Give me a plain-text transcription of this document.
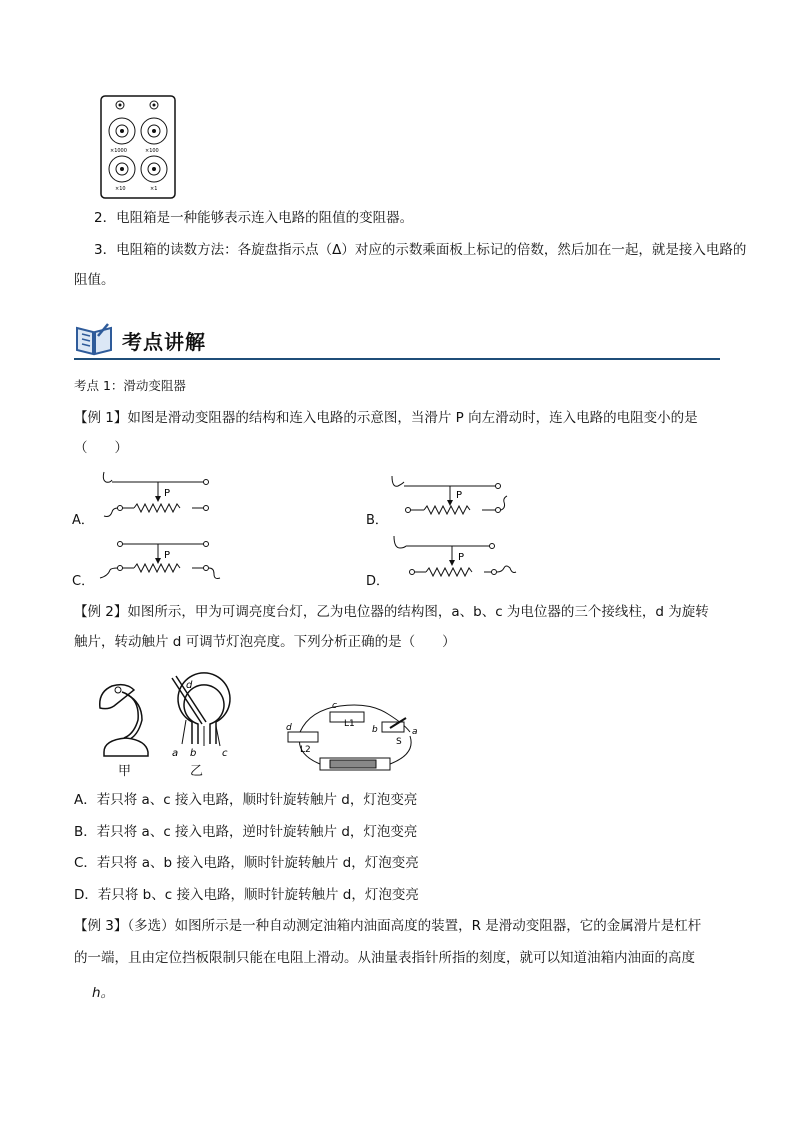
×1000	×100
×10	×1
2．电阻箱是一种能够表示连入电路的阻值的变阻器。
3．电阻箱的读数方法：各旋盘指示点（Δ）对应的示数乘面板上标记的倍数，然后加在一起，就是接入电路的
阻值。
考点讲解
考点 1：滑动变阻器
【例 1】如图是滑动变阻器的结构和连入电路的示意图，当滑片 P 向左滑动时，连入电路的电阻变小的是
（　　）
A．
P
B．
P
C．
P
D．
P
【例 2】如图所示，甲为可调亮度台灯，乙为电位器的结构图，a、b、c 为电位器的三个接线柱，d 为旋转
触片，转动触片 d 可调节灯泡亮度。下列分析正确的是（　　）
甲
d
a b	c
乙
d
c
b	a
L1
L2
S
A．若只将 a、c 接入电路，顺时针旋转触片 d，灯泡变亮
B．若只将 a、c 接入电路，逆时针旋转触片 d，灯泡变亮
C．若只将 a、b 接入电路，顺时针旋转触片 d，灯泡变亮
D．若只将 b、c 接入电路，顺时针旋转触片 d，灯泡变亮
【例 3】（多选）如图所示是一种自动测定油箱内油面高度的装置，R 是滑动变阻器，它的金属滑片是杠杆
的一端，且由定位挡板限制只能在电阻上滑动。从油量表指针所指的刻度，就可以知道油箱内油面的高度
h。
